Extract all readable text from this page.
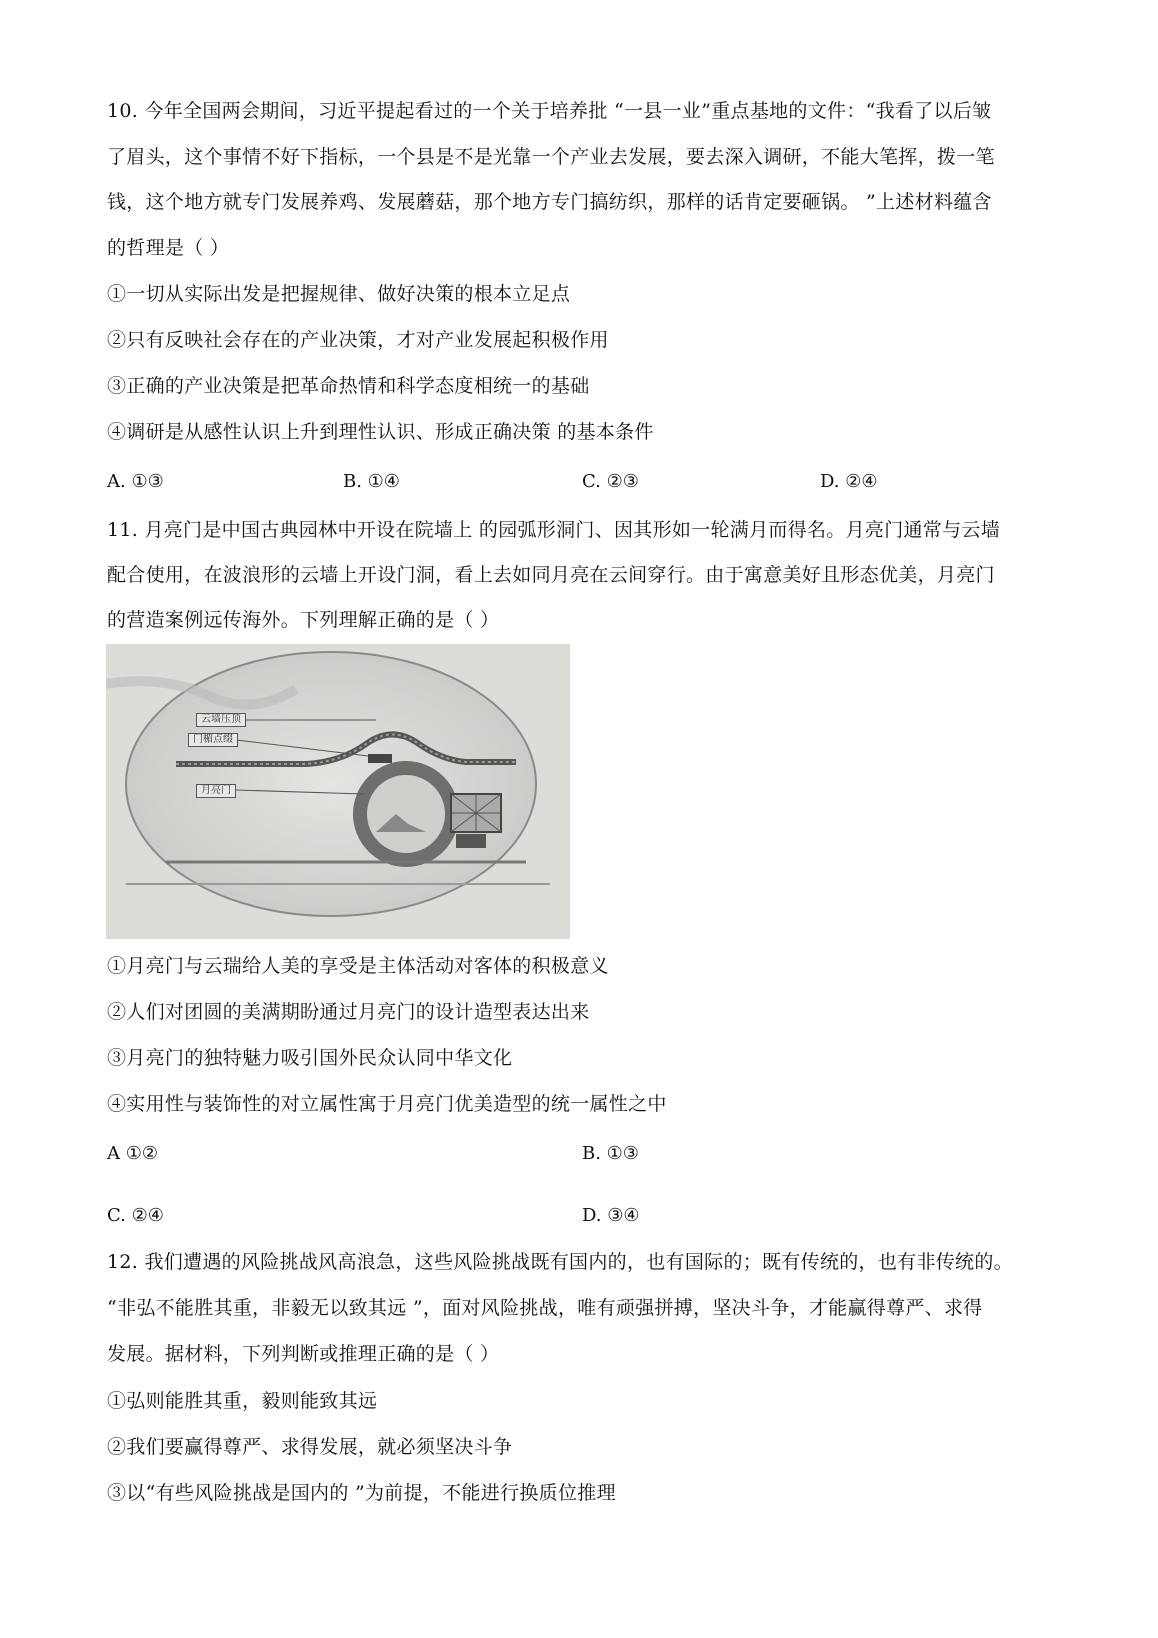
10. 今年全国两会期间，习近平提起看过的一个关于培养批 “一县一业”重点基地的文件：“我看了以后皱
了眉头，这个事情不好下指标，一个县是不是光靠一个产业去发展，要去深入调研，不能大笔挥，拨一笔
钱，这个地方就专门发展养鸡、发展蘑菇，那个地方专门搞纺织，那样的话肯定要砸锅。 ”上述材料蕴含
的哲理是（ ）
①一切从实际出发是把握规律、做好决策的根本立足点
②只有反映社会存在的产业决策，才对产业发展起积极作用
③正确的产业决策是把革命热情和科学态度相统一的基础
④调研是从感性认识上升到理性认识、形成正确决策 的基本条件
A. ①③	B. ①④	C. ②③	D. ②④
11. 月亮门是中国古典园林中开设在院墙上 的园弧形洞门、因其形如一轮满月而得名。月亮门通常与云墙
配合使用，在波浪形的云墙上开设门洞，看上去如同月亮在云间穿行。由于寓意美好且形态优美，月亮门
的营造案例远传海外。下列理解正确的是（ ）
云墙压顶
门楣点缀
月亮门
①月亮门与云瑞给人美的享受是主体活动对客体的积极意义
②人们对团圆的美满期盼通过月亮门的设计造型表达出来
③月亮门的独特魅力吸引国外民众认同中华文化
④实用性与装饰性的对立属性寓于月亮门优美造型的统一属性之中
A ①②	B. ①③
C. ②④	D. ③④
12. 我们遭遇的风险挑战风高浪急，这些风险挑战既有国内的，也有国际的；既有传统的，也有非传统的。
“非弘不能胜其重，非毅无以致其远 ”，面对风险挑战，唯有顽强拼搏，坚决斗争，才能赢得尊严、求得
发展。据材料，下列判断或推理正确的是（ ）
①弘则能胜其重，毅则能致其远
②我们要赢得尊严、求得发展，就必须坚决斗争
③以“有些风险挑战是国内的 ”为前提，不能进行换质位推理
